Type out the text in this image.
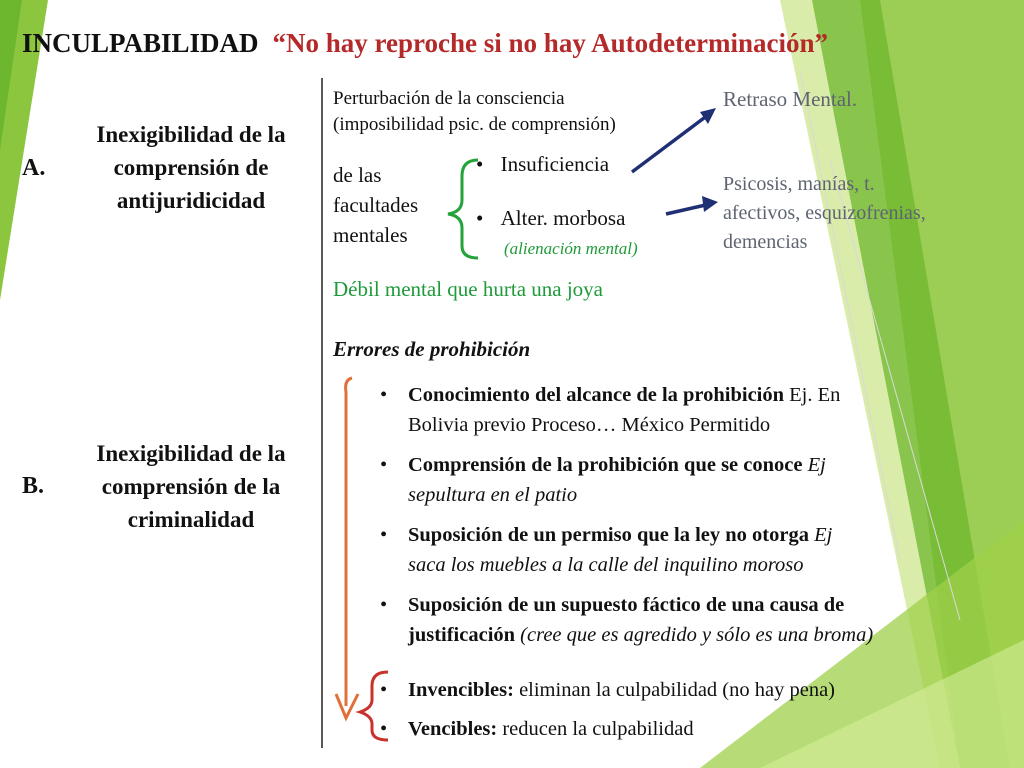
INCULPABILIDAD “No hay reproche si no hay Autodeterminación”
A.
Inexigibilidad de la
comprensión de
antijuridicidad
B.
Inexigibilidad de la
comprensión de la
criminalidad
Perturbación de la consciencia
(imposibilidad psic. de comprensión)
de las
facultades
mentales
• Insuficiencia
• Alter. morbosa
(alienación mental)
Retraso Mental.
Psicosis, manías, t.
afectivos, esquizofrenias,
demencias
Débil mental que hurta una joya
Errores de prohibición
• Conocimiento del alcance de la prohibición Ej. En
Bolivia previo Proceso… México Permitido
• Comprensión de la prohibición que se conoce Ej
sepultura en el patio
• Suposición de un permiso que la ley no otorga Ej
saca los muebles a la calle del inquilino moroso
• Suposición de un supuesto fáctico de una causa de
justificación (cree que es agredido y sólo es una broma)
• Invencibles: eliminan la culpabilidad (no hay pena)
• Vencibles: reducen la culpabilidad
